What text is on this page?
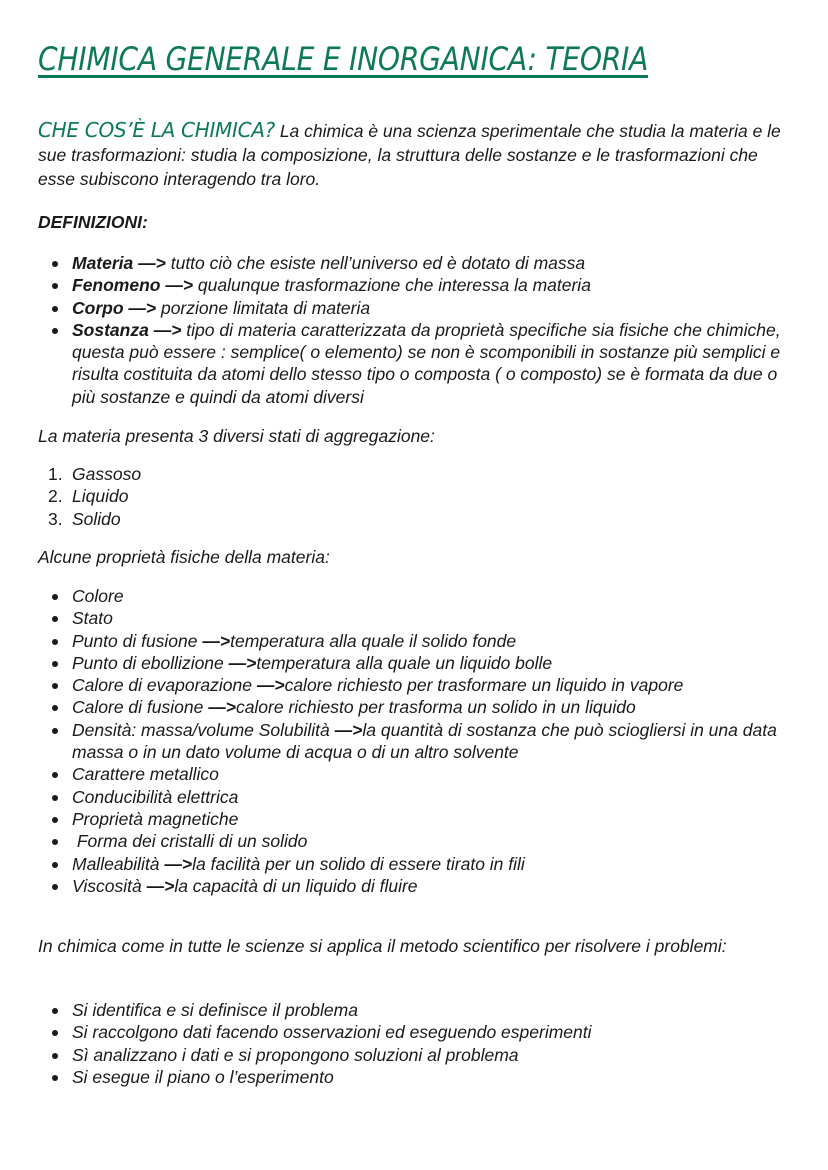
CHIMICA GENERALE E INORGANICA: TEORIA
CHE COS’È LA CHIMICA? La chimica è una scienza sperimentale che studia la materia e le sue trasformazioni: studia la composizione, la struttura delle sostanze e le trasformazioni che esse subiscono interagendo tra loro.
DEFINIZIONI:
Materia —> tutto ciò che esiste nell’universo ed è dotato di massa
Fenomeno —> qualunque trasformazione che interessa la materia
Corpo —> porzione limitata di materia
Sostanza —> tipo di materia caratterizzata da proprietà specifiche sia fisiche che chimiche, questa può essere : semplice( o elemento) se non è scomponibili in sostanze più semplici e risulta costituita da atomi dello stesso tipo o composta ( o composto) se è formata da due o più sostanze e quindi da atomi diversi
La materia presenta 3 diversi stati di aggregazione:
1. Gassoso
2. Liquido
3. Solido
Alcune proprietà fisiche della materia:
Colore
Stato
Punto di fusione —>temperatura alla quale il solido fonde
Punto di ebollizione —>temperatura alla quale un liquido bolle
Calore di evaporazione —>calore richiesto per trasformare un liquido in vapore
Calore di fusione —>calore richiesto per trasforma un solido in un liquido
Densità: massa/volume Solubilità —>la quantità di sostanza che può sciogliersi in una data massa o in un dato volume di acqua o di un altro solvente
Carattere metallico
Conducibilità elettrica
Proprietà magnetiche
Forma dei cristalli di un solido
Malleabilità —>la facilità per un solido di essere tirato in fili
Viscosità —>la capacità di un liquido di fluire
In chimica come in tutte le scienze si applica il metodo scientifico per risolvere i problemi:
Si identifica e si definisce il problema
Si raccolgono dati facendo osservazioni ed eseguendo esperimenti
Sì analizzano i dati e si propongono soluzioni al problema
Si esegue il piano o l’esperimento
